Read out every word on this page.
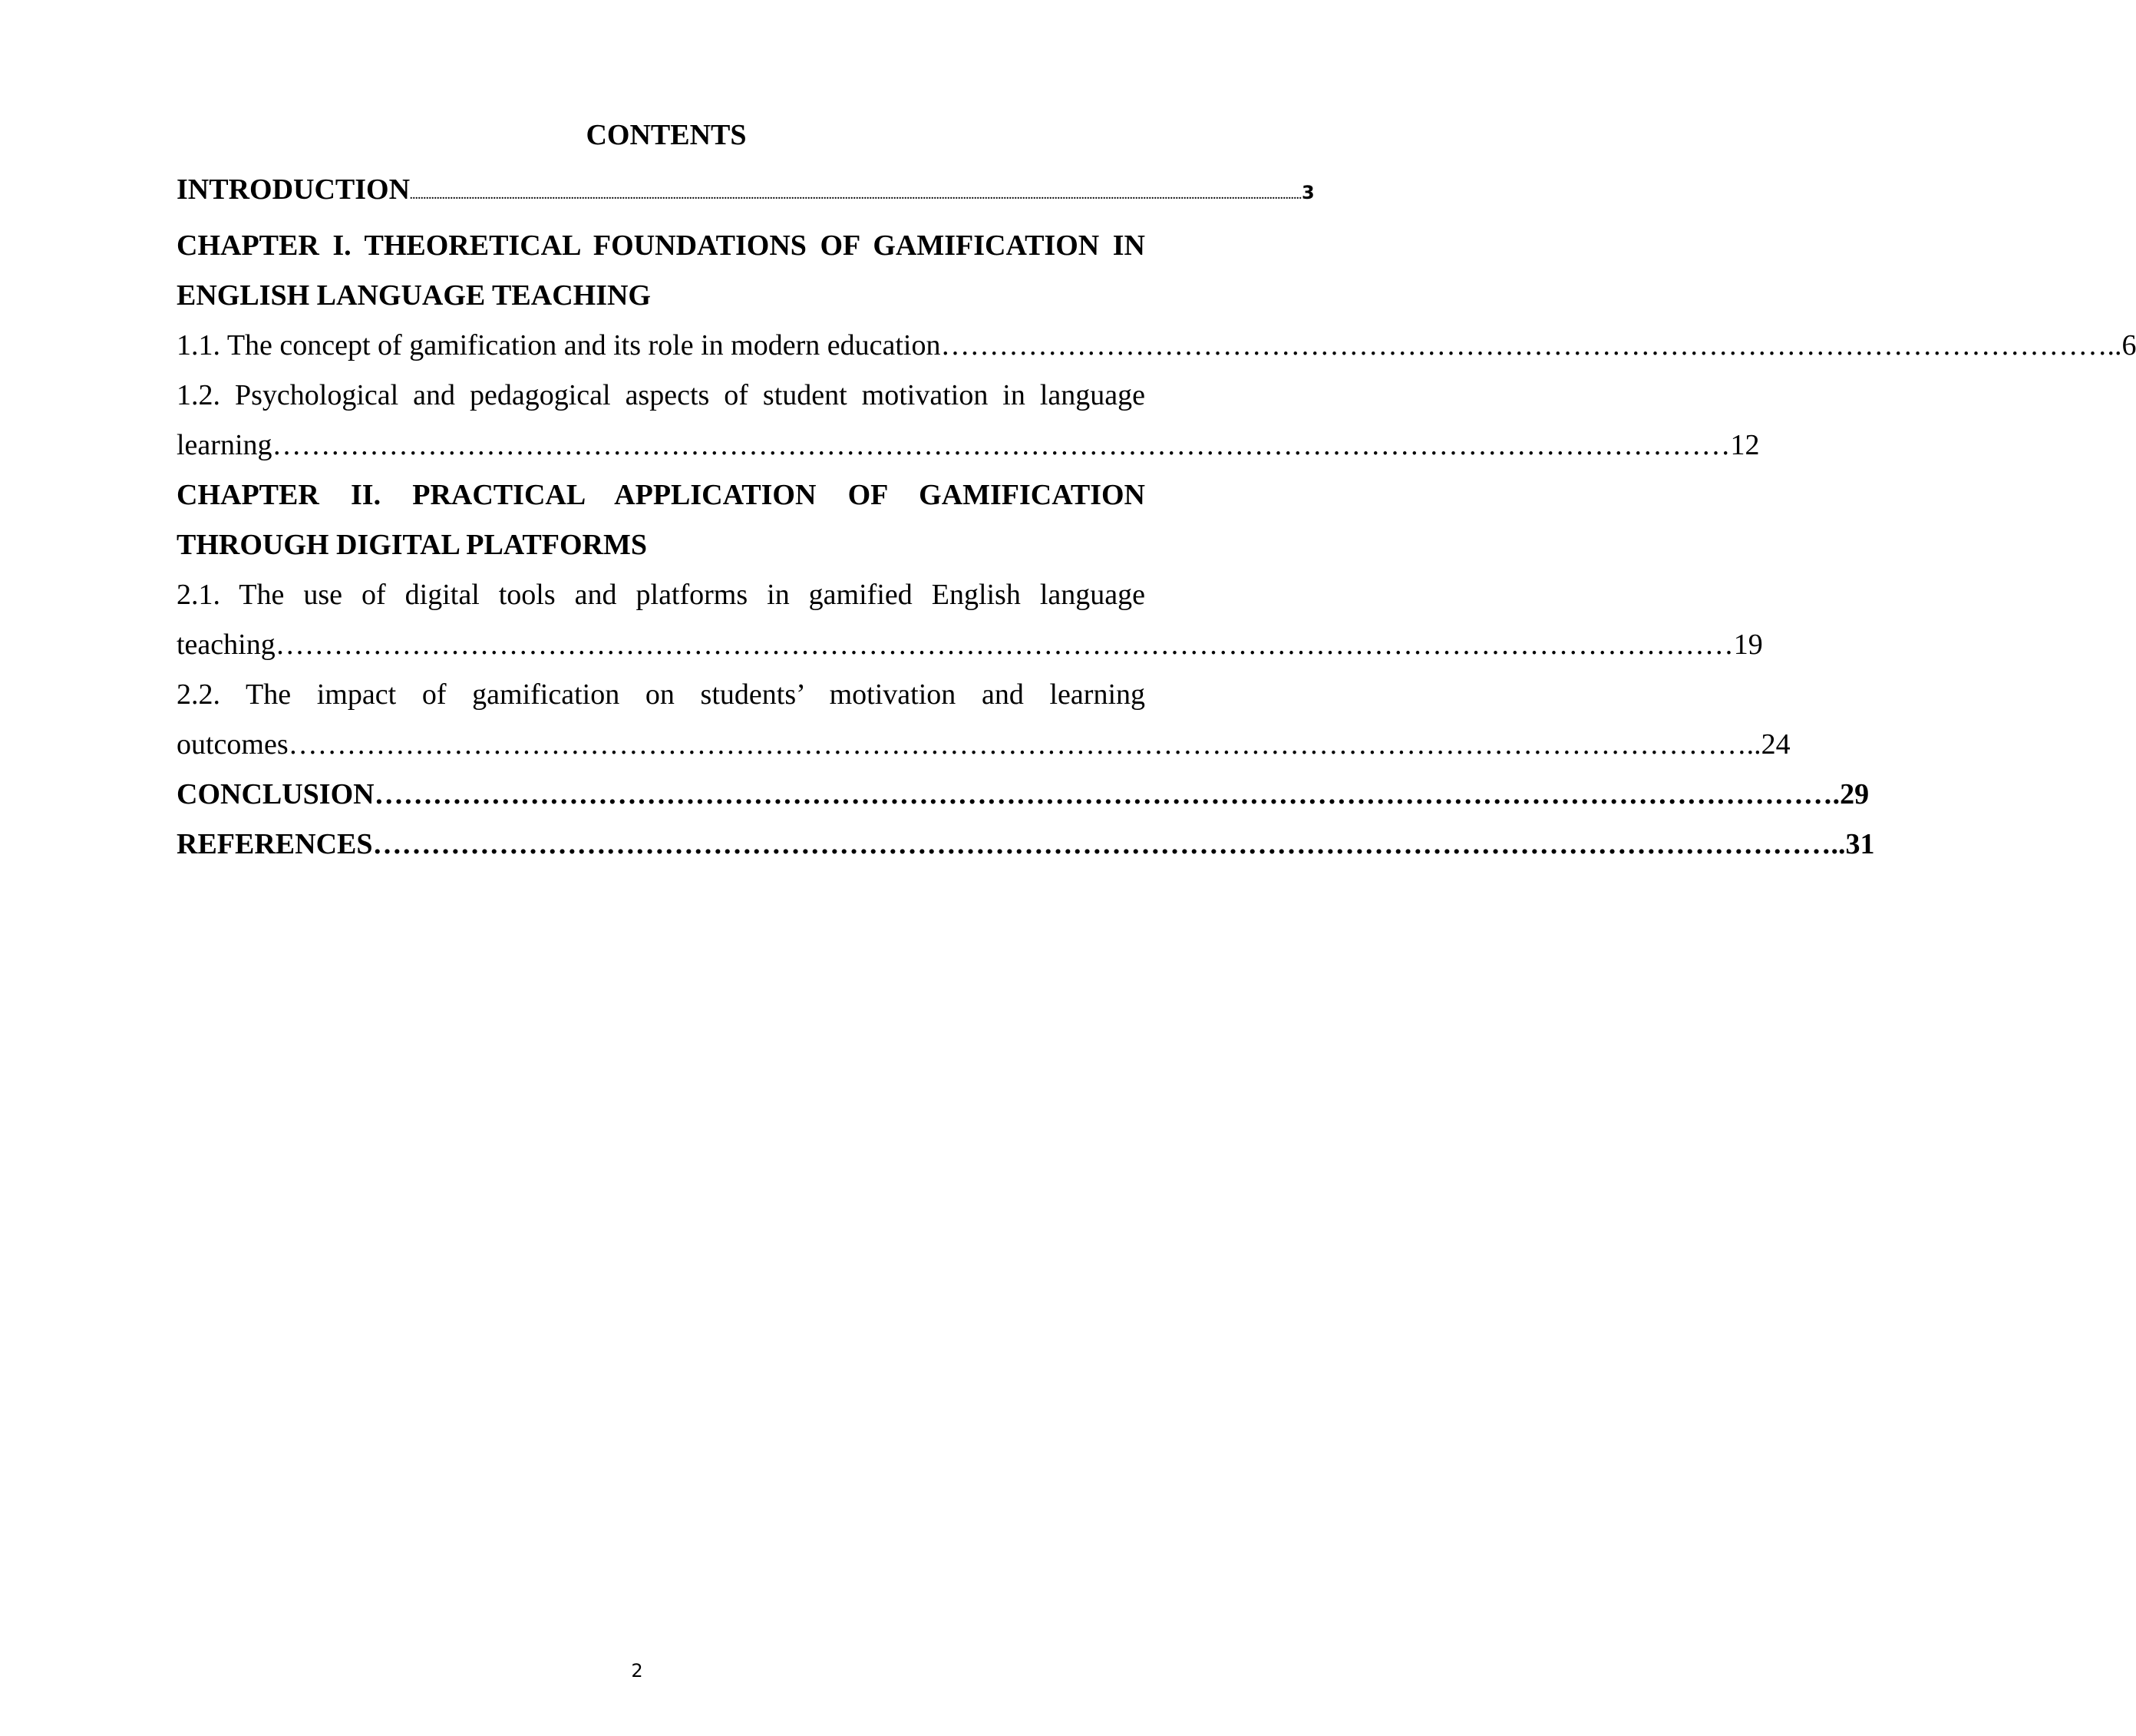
CONTENTS

INTRODUCTION ............................................................................................................................................................................................................................................................................................................................................ 3

CHAPTER I. THEORETICAL FOUNDATIONS OF GAMIFICATION IN

ENGLISH LANGUAGE TEACHING

1.1. The concept of gamification and its role in modern education ………………………………………………………………………………………………………… ..6

1.2. Psychological and pedagogical aspects of student motivation in language

learning …………………………………………………………………………………………………………………………………… 12

CHAPTER II. PRACTICAL APPLICATION OF GAMIFICATION

THROUGH DIGITAL PLATFORMS

2.1. The use of digital tools and platforms in gamified English language

teaching …………………………………………………………………………………………………………………………………… 19

2.2. The impact of gamification on students’ motivation and learning

outcomes …………………………………………………………………………………………………………………………………… ..24
CONCLUSION …………………………………………………………………………………………………………………………………… .29
REFERENCES …………………………………………………………………………………………………………………………………… ..31
2
